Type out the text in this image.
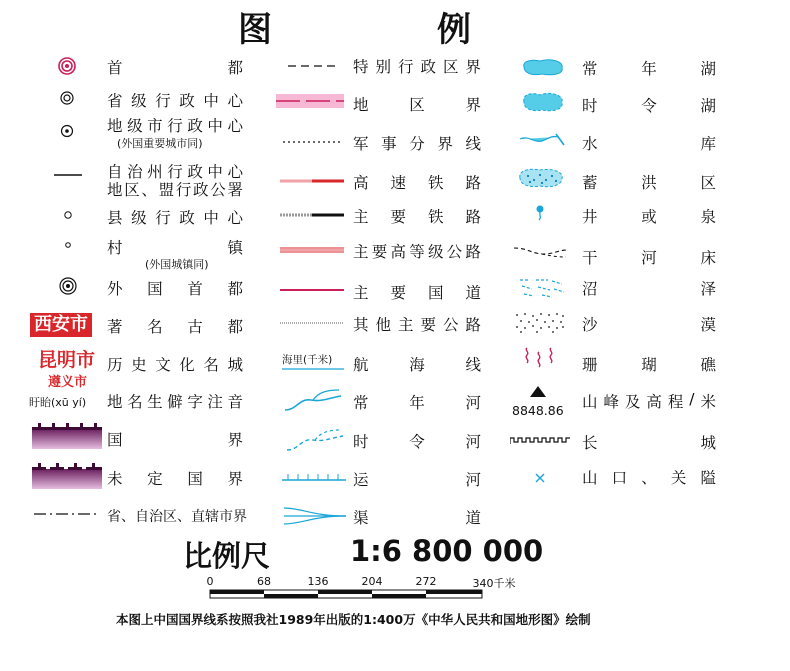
图	例
西安市
昆明市
遵义市
盱眙(xū yí)
首	都
省 级 行 政 中 心
地 级 市 行 政 中 心
(外国重要城市同)
自 治 州 行 政 中 心
地 区 、 盟 行 政 公 署
县 级 行 政 中 心
村	镇
(外国城镇同)
外 国 首 都
著 名 古 都
历 史 文 化 名 城
地 名 生 僻 字 注 音
国	界
未 定 国 界
省、自治区、直辖市界
海里(千米)
特 别 行 政 区 界
地	区	界
军 事 分 界 线
高 速 铁 路
主 要 铁 路
主 要 高 等 级 公 路
主 要 国 道
其 他 主 要 公 路
航	海	线
常	年	河
时	令	河
运	河
渠	道
8848.86
常	年	湖
时	令	湖
水	库
蓄	洪	区
井	或	泉
干	河	床
沼	泽
沙	漠
珊	瑚	礁
山 峰 及 高 程 / 米
长	城
山 口 、 关 隘
比例尺	1:6 800 000
0	68	136	204	272	340千米
本图上中国国界线系按照我社1989年出版的1:400万《中华人民共和国地形图》绘制
